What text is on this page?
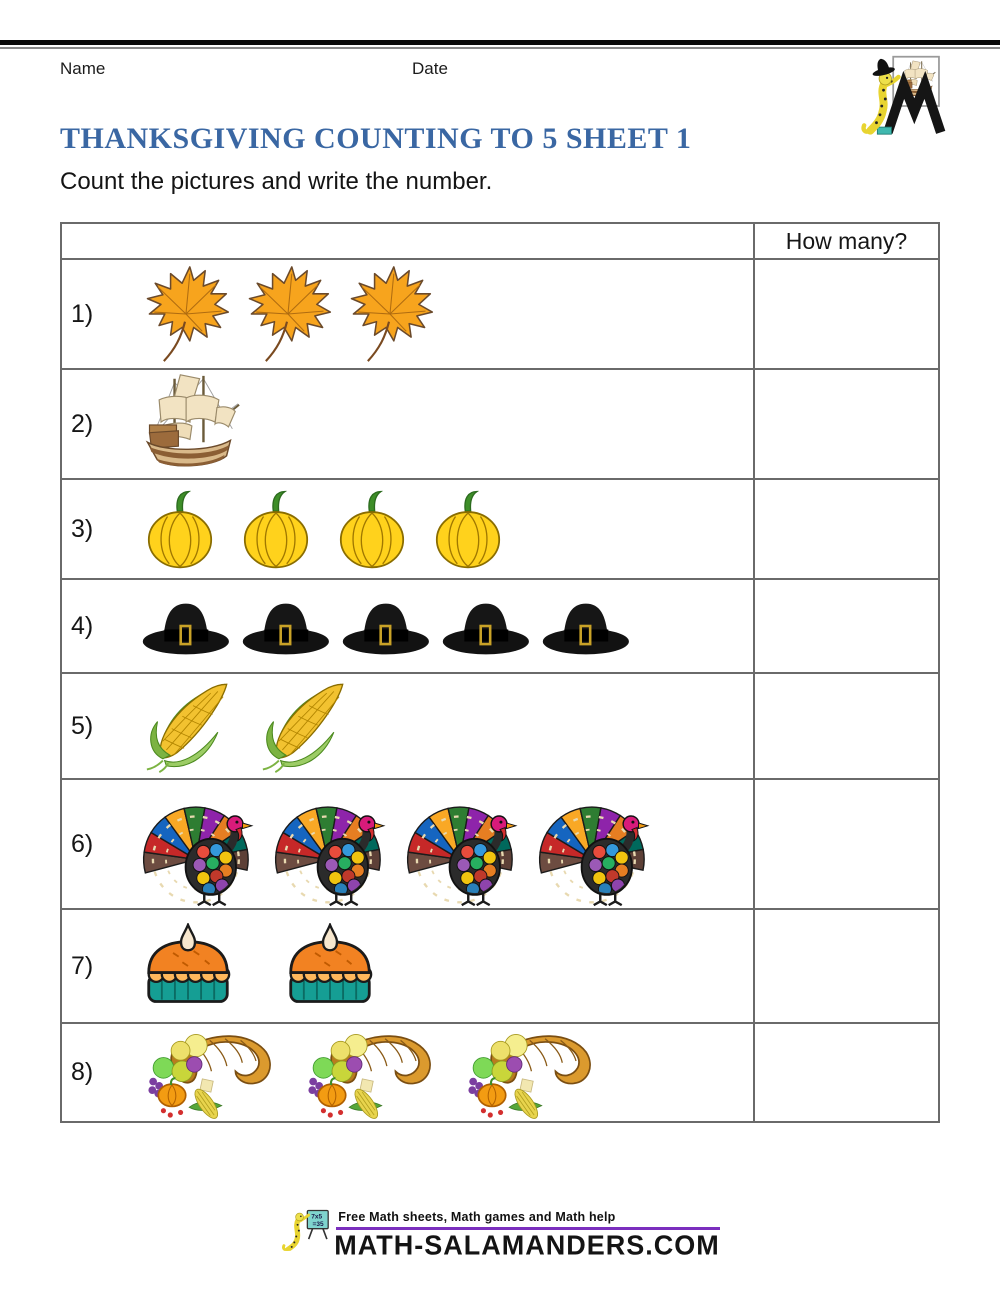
Name	Date
THANKSGIVING COUNTING TO 5 SHEET 1

Count the pictures and write the number.

How many?
1)
2)
3)
4)
5)
6)
7)
8)
Free Math sheets, Math games and Math help
MATH-SALAMANDERS.COM
